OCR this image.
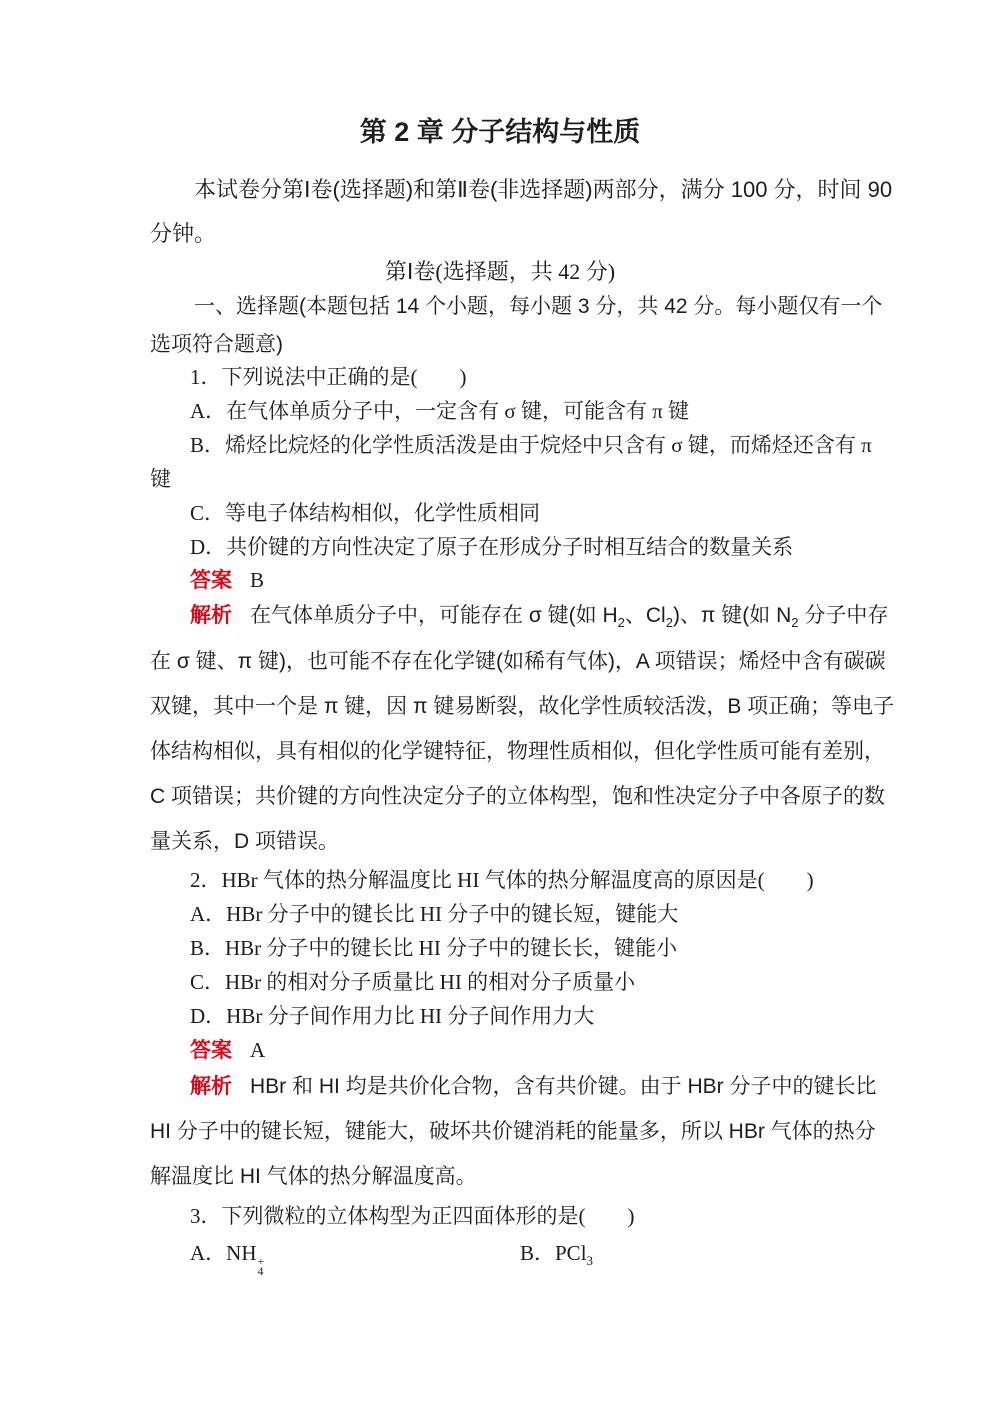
第 2 章 分子结构与性质
本试卷分第Ⅰ卷(选择题)和第Ⅱ卷(非选择题)两部分，满分 100 分，时间 90
分钟。
第Ⅰ卷(选择题，共 42 分)
一、选择题(本题包括 14 个小题，每小题 3 分，共 42 分。每小题仅有一个
选项符合题意)
1．下列说法中正确的是(　　)
A．在气体单质分子中，一定含有 σ 键，可能含有 π 键
B．烯烃比烷烃的化学性质活泼是由于烷烃中只含有 σ 键，而烯烃还含有 π
键
C．等电子体结构相似，化学性质相同
D．共价键的方向性决定了原子在形成分子时相互结合的数量关系
答案 B
解析 在气体单质分子中，可能存在 σ 键(如 $H_2$、$Cl_2$)、π 键(如 $N_2$ 分子中存
在 σ 键、π 键)，也可能不存在化学键(如稀有气体)，A 项错误；烯烃中含有碳碳
双键，其中一个是 π 键，因 π 键易断裂，故化学性质较活泼，B 项正确；等电子
体结构相似，具有相似的化学键特征，物理性质相似，但化学性质可能有差别，
C 项错误；共价键的方向性决定分子的立体构型，饱和性决定分子中各原子的数
量关系，D 项错误。
2．HBr 气体的热分解温度比 HI 气体的热分解温度高的原因是(　　)
A．HBr 分子中的键长比 HI 分子中的键长短，键能大
B．HBr 分子中的键长比 HI 分子中的键长长，键能小
C．HBr 的相对分子质量比 HI 的相对分子质量小
D．HBr 分子间作用力比 HI 分子间作用力大
答案 A
解析 HBr 和 HI 均是共价化合物，含有共价键。由于 HBr 分子中的键长比
HI 分子中的键长短，键能大，破坏共价键消耗的能量多，所以 HBr 气体的热分
解温度比 HI 气体的热分解温度高。
3．下列微粒的立体构型为正四面体形的是(　　)
A．NH +
4
B．PCl$_3$
